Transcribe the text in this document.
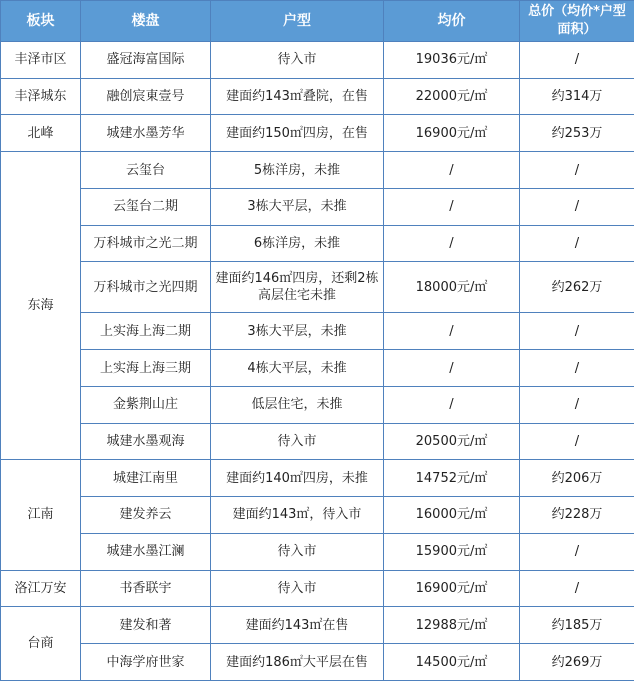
板块	楼盘	户型	均价	总价（均价*户型面积）
丰泽市区	盛冠海富国际	待入市	19036元/㎡	/
丰泽城东	融创宸東壹号	建面约143㎡叠院，在售	22000元/㎡	约314万
北峰	城建水墨芳华	建面约150㎡四房，在售	16900元/㎡	约253万
东海	云玺台	5栋洋房，未推	/	/
	云玺台二期	3栋大平层，未推	/	/
	万科城市之光二期	6栋洋房，未推	/	/
	万科城市之光四期	建面约146㎡四房，还剩2栋高层住宅未推	18000元/㎡	约262万
	上实海上海二期	3栋大平层，未推	/	/
	上实海上海三期	4栋大平层，未推	/	/
	金紫荆山庄	低层住宅，未推	/	/
	城建水墨观海	待入市	20500元/㎡	/
江南	城建江南里	建面约140㎡四房，未推	14752元/㎡	约206万
	建发养云	建面约143㎡，待入市	16000元/㎡	约228万
	城建水墨江澜	待入市	15900元/㎡	/
洛江万安	书香联宇	待入市	16900元/㎡	/
台商	建发和著	建面约143㎡在售	12988元/㎡	约185万
	中海学府世家	建面约186㎡大平层在售	14500元/㎡	约269万
